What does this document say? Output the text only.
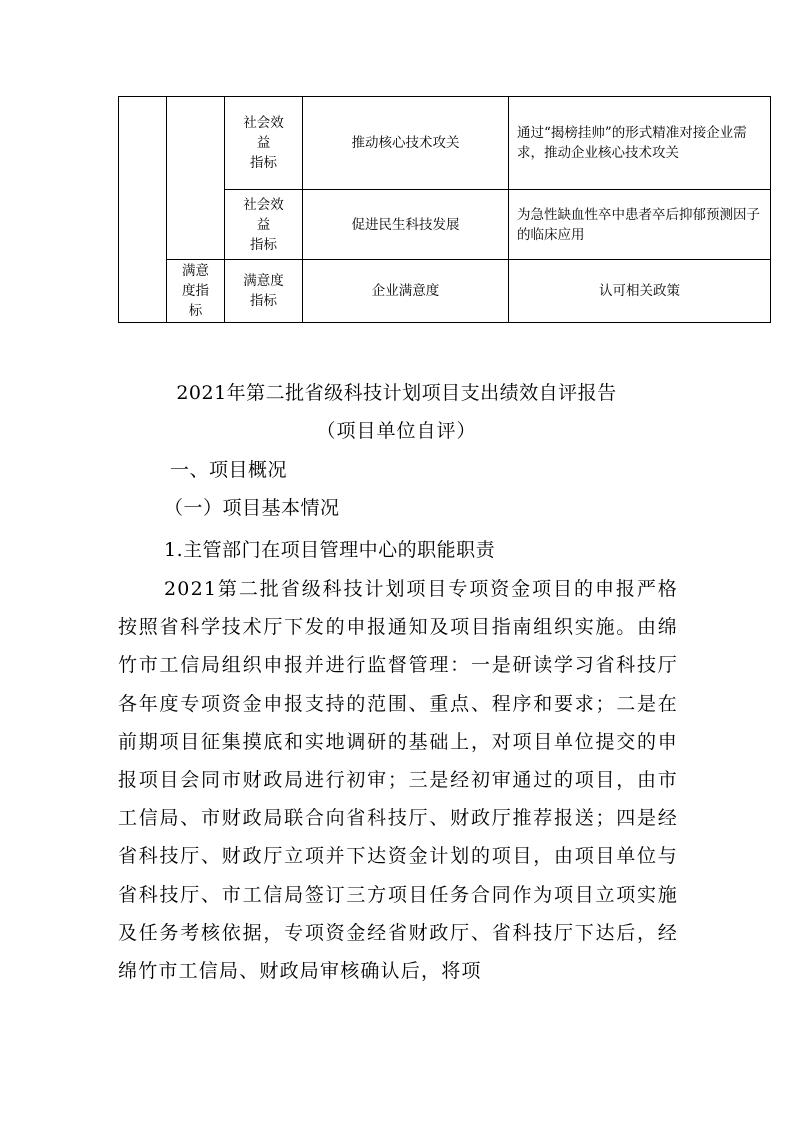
		社会效
益
指标	推动核心技术攻关	通过“揭榜挂帅”的形式精准对接企业需求，推动企业核心技术攻关
		社会效
益
指标	促进民生科技发展	为急性缺血性卒中患者卒后抑郁预测因子的临床应用
	满意
度指
标	满意度
指标	企业满意度	认可相关政策
2021年第二批省级科技计划项目支出绩效自评报告
（项目单位自评）
一、项目概况
（一）项目基本情况
1.主管部门在项目管理中心的职能职责

2021第二批省级科技计划项目专项资金项目的申报严格按照省科学技术厅下发的申报通知及项目指南组织实施。由绵竹市工信局组织申报并进行监督管理：一是研读学习省科技厅各年度专项资金申报支持的范围、重点、程序和要求；二是在前期项目征集摸底和实地调研的基础上，对项目单位提交的申报项目会同市财政局进行初审；三是经初审通过的项目，由市工信局、市财政局联合向省科技厅、财政厅推荐报送；四是经省科技厅、财政厅立项并下达资金计划的项目，由项目单位与省科技厅、市工信局签订三方项目任务合同作为项目立项实施及任务考核依据，专项资金经省财政厅、省科技厅下达后，经绵竹市工信局、财政局审核确认后，将项
